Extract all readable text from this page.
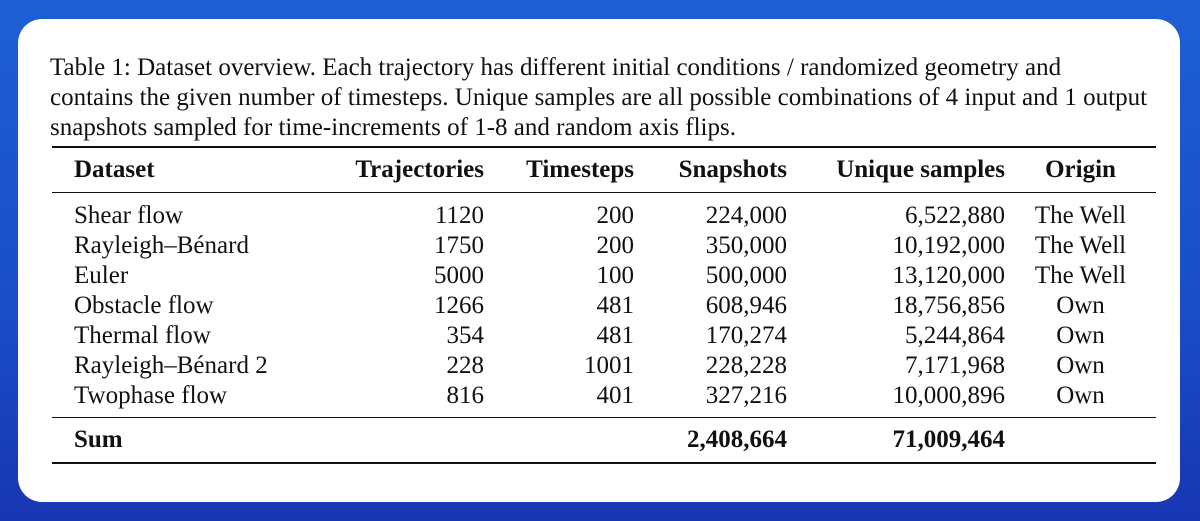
Table 1: Dataset overview. Each trajectory has different initial conditions / randomized geometry and contains the given number of timesteps. Unique samples are all possible combinations of 4 input and 1 output snapshots sampled for time-increments of 1-8 and random axis flips.

Dataset	Trajectories	Timesteps	Snapshots	Unique samples	Origin
Shear flow	1120	200	224,000	6,522,880	The Well
Rayleigh–Bénard	1750	200	350,000	10,192,000	The Well
Euler	5000	100	500,000	13,120,000	The Well
Obstacle flow	1266	481	608,946	18,756,856	Own
Thermal flow	354	481	170,274	5,244,864	Own
Rayleigh–Bénard 2	228	1001	228,228	7,171,968	Own
Twophase flow	816	401	327,216	10,000,896	Own
Sum			2,408,664	71,009,464	
